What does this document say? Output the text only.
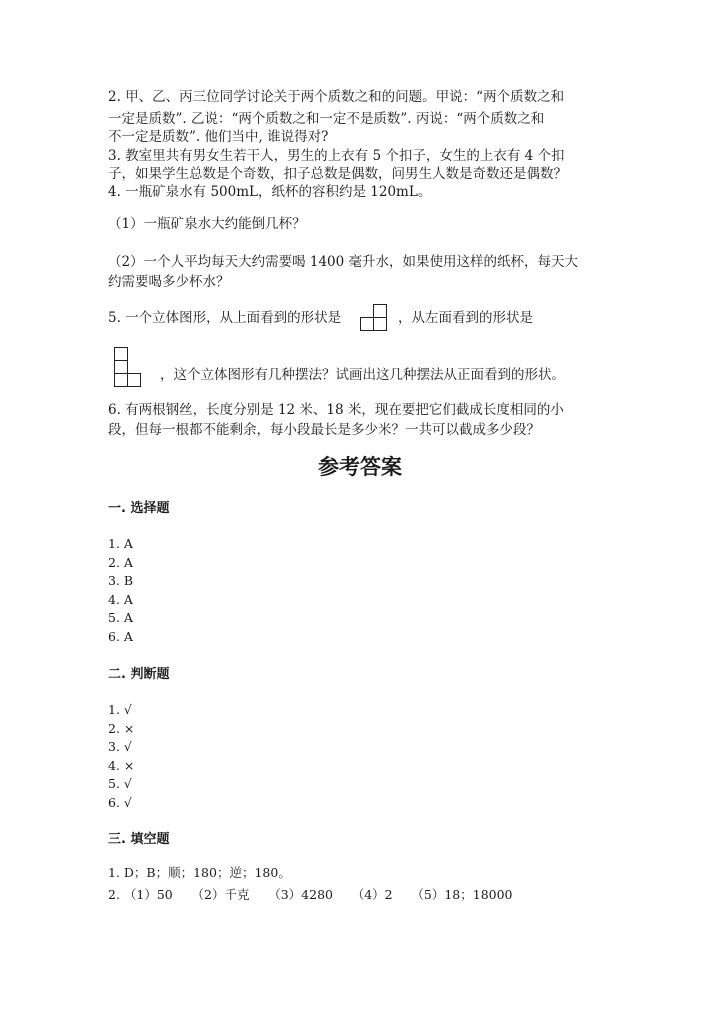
2. 甲、乙、丙三位同学讨论关于两个质数之和的问题。甲说：“两个质数之和

一定是质数”. 乙说：“两个质数之和一定不是质数”. 丙说：“两个质数之和

不一定是质数”. 他们当中, 谁说得对?

3. 教室里共有男女生若干人，男生的上衣有 5 个扣子，女生的上衣有 4 个扣

子，如果学生总数是个奇数，扣子总数是偶数，问男生人数是奇数还是偶数？

4. 一瓶矿泉水有 500mL，纸杯的容积约是 120mL。

（1）一瓶矿泉水大约能倒几杯？

（2）一个人平均每天大约需要喝 1400 毫升水，如果使用这样的纸杯，每天大

约需要喝多少杯水？

5. 一个立体图形，从上面看到的形状是	，从左面看到的形状是

，这个立体图形有几种摆法？试画出这几种摆法从正面看到的形状。

6. 有两根钢丝，长度分别是 12 米、18 米，现在要把它们截成长度相同的小

段，但每一根都不能剩余，每小段最长是多少米？一共可以截成多少段？

参考答案
一. 选择题
1. A
2. A
3. B
4. A
5. A
6. A
二. 判断题
1. √
2. ×
3. √
4. ×
5. √
6. √
三. 填空题

1. D；B；顺；180；逆；180。

2. （1）50　　（2）千克　　（3）4280　　（4）2　　（5）18；18000
